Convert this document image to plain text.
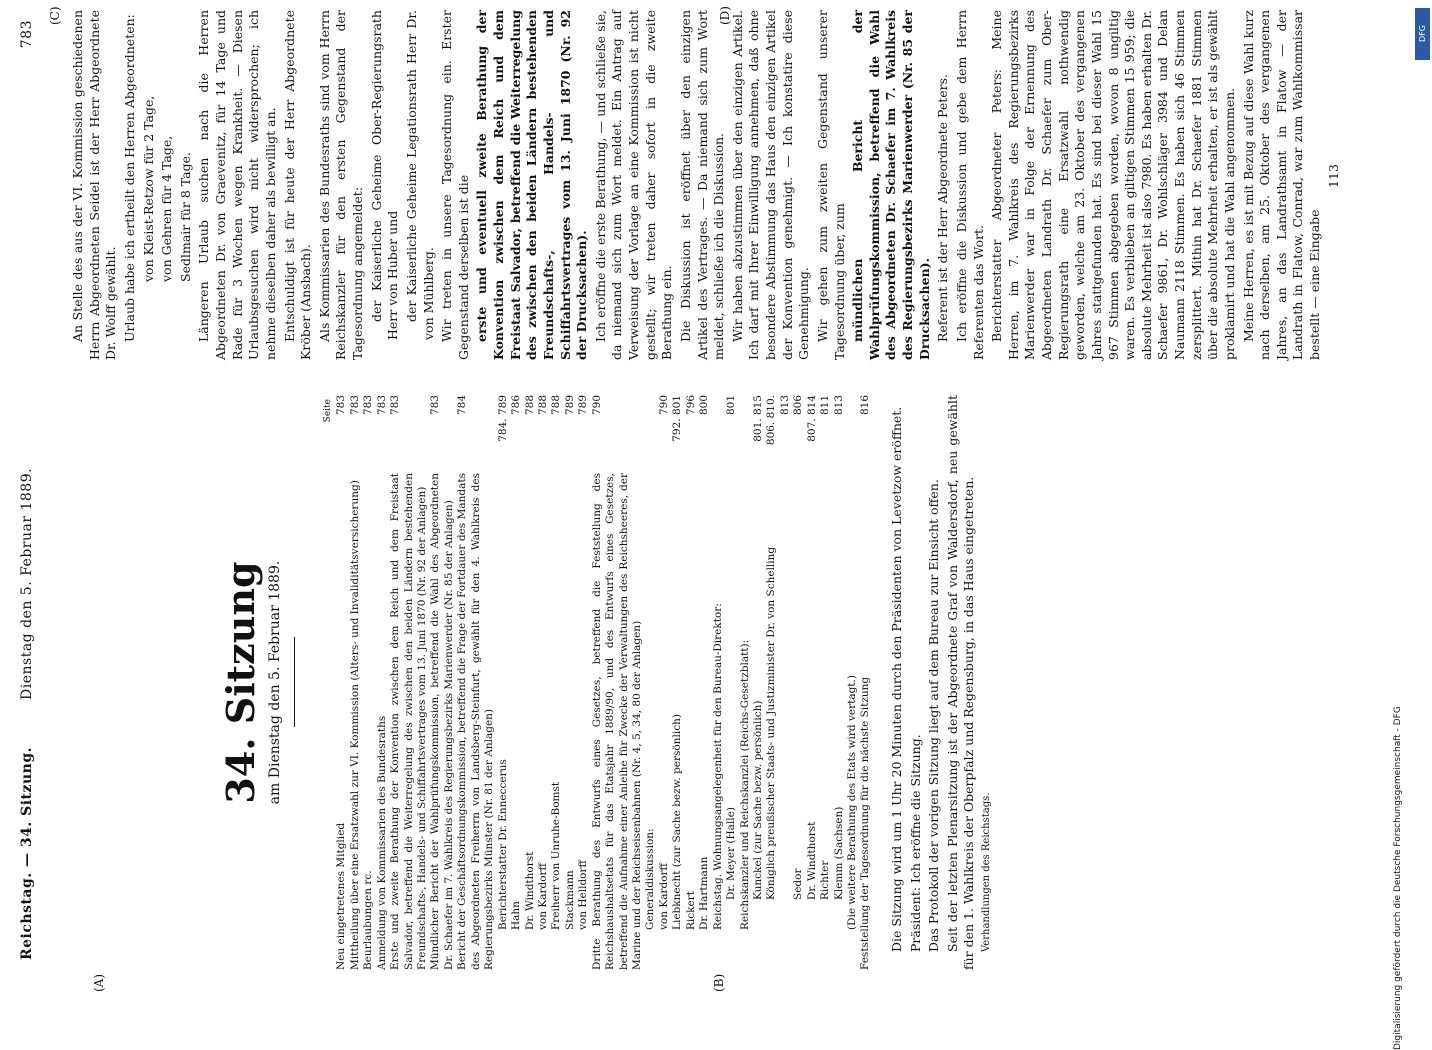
Reichstag. — 34. Sitzung.
Dienstag den 5. Februar 1889.
783
(A)	(B)
(C)	(D)
34. Sitzung am Dienstag den 5. Februar 1889.
Seite
Neu eingetretenes Mitglied
783
Mittheilung über eine Ersatzwahl zur VI. Kommission (Alters- und Invaliditätsversicherung)
783
Beurlaubungen rc.
783
Anmeldung von Kommissarien des Bundesraths
783
Erste und zweite Berathung der Konvention zwischen dem Reich und dem Freistaat Salvador, betreffend die Weiterregelung des zwischen den beiden Ländern bestehenden Freundschafts-, Handels- und Schiffahrtsvertrages vom 13. Juni 1870 (Nr. 92 der Anlagen)
783
Mündlicher Bericht der Wahlprüfungskommission, betreffend die Wahl des Abgeordneten Dr. Schaefer im 7. Wahlkreis des Regierungsbezirks Marienwerder (Nr. 85 der Anlagen)
783
Bericht der Geschäftsordnungskommission, betreffend die Frage der Fortdauer des Mandats des Abgeordneten Freiherrn von Landsberg-Steinfurt, gewählt für den 4. Wahlkreis des Regierungsbezirks Münster (Nr. 81 der Anlagen)
784
Berichterstatter Dr. Enneccerus
784. 789
Hahn
786
Dr. Windthorst
788
von Kardorff
788
Freiherr von Unruhe-Bomst
788
Stackmann
789
von Helldorff
789
Dritte Berathung des Entwurfs eines Gesetzes, betreffend die Feststellung des Reichshaushaltsetats für das Etatsjahr 1889/90, und des Entwurfs eines Gesetzes, betreffend die Aufnahme einer Anleihe für Zwecke der Verwaltungen des Reichsheeres, der Marine und der Reichseisenbahnen (Nr. 4, 5, 34, 80 der Anlagen)
790
Generaldiskussion: von Kardorff
790
Liebknecht (zur Sache bezw. persönlich)
792. 801
Rickert
796
Dr. Hartmann
800
Reichstag. Wohnungsangelegenheit für den Bureau-Direktor: Dr. Meyer (Halle)
801
Reichskanzler und Reichskanzlei (Reichs-Gesetzblatt): Kunckel (zur Sache bezw. persönlich)
801. 815
Königlich preußischer Staats- und Justizminister Dr. von Schelling
806. 810. 813
Sedor
806
Dr. Windthorst
807. 814
Richter
811
Klemm (Sachsen)
813
(Die weitere Berathung des Etats wird vertagt.) Feststellung der Tagesordnung für die nächste Sitzung
816

Die Sitzung wird um 1 Uhr 20 Minuten durch den Präsidenten von Levetzow eröffnet. Präsident: Ich eröffne die Sitzung. Das Protokoll der vorigen Sitzung liegt auf dem Bureau zur Einsicht offen. Seit der letzten Plenarsitzung ist der Abgeordnete Graf von Waldersdorf, neu gewählt für den 1. Wahlkreis der Oberpfalz und Regensburg, in das Haus eingetreten. Verhandlungen des Reichstags.

An Stelle des aus der VI. Kommission geschiedenen Herrn Abgeordneten Seidel ist der Herr Abgeordnete Dr. Wolff gewählt. Urlaub habe ich ertheilt den Herren Abgeordneten: von Kleist-Retzow für 2 Tage, von Gehren für 4 Tage, Sedlmair für 8 Tage. Längeren Urlaub suchen nach die Herren Abgeordneten Dr. von Graevenitz, für 14 Tage und Rade für 3 Wochen wegen Krankheit. — Diesen Urlaubsgesuchen wird nicht widersprochen; ich nehme dieselben daher als bewilligt an. Entschuldigt ist für heute der Herr Abgeordnete Kröber (Ansbach). Als Kommissarien des Bundesraths sind vom Herrn Reichskanzler für den ersten Gegenstand der Tagesordnung angemeldet: der Kaiserliche Geheime Ober-Regierungsrath Herr von Huber und der Kaiserliche Geheime Legationsrath Herr Dr. von Mühlberg. Wir treten in unsere Tagesordnung ein. Erster Gegenstand derselben ist die erste und eventuell zweite Berathung der Konvention zwischen dem Reich und dem Freistaat Salvador, betreffend die Weiterregelung des zwischen den beiden Ländern bestehenden Freundschafts-, Handels- und Schiffahrtsvertrages vom 13. Juni 1870 (Nr. 92 der Drucksachen). Ich eröffne die erste Berathung, — und schließe sie, da niemand sich zum Wort meldet. Ein Antrag auf Verweisung der Vorlage an eine Kommission ist nicht gestellt; wir treten daher sofort in die zweite Berathung ein. Die Diskussion ist eröffnet über den einzigen Artikel des Vertrages. — Da niemand sich zum Wort meldet, schließe ich die Diskussion. Wir haben abzustimmen über den einzigen Artikel. Ich darf mit Ihrer Einwilligung annehmen, daß ohne besondere Abstimmung das Haus den einzigen Artikel der Konvention genehmigt. — Ich konstatire diese Genehmigung. Wir gehen zum zweiten Gegenstand unserer Tagesordnung über, zum mündlichen Bericht der Wahlprüfungskommission, betreffend die Wahl des Abgeordneten Dr. Schaefer im 7. Wahlkreis des Regierungsbezirks Marienwerder (Nr. 85 der Drucksachen). Referent ist der Herr Abgeordnete Peters. Ich eröffne die Diskussion und gebe dem Herrn Referenten das Wort. Berichterstatter Abgeordneter Peters: Meine Herren, im 7. Wahlkreis des Regierungsbezirks Marienwerder war in Folge der Ernennung des Abgeordneten Landrath Dr. Schaefer zum Ober-Regierungsrath eine Ersatzwahl nothwendig geworden, welche am 23. Oktober des vergangenen Jahres stattgefunden hat. Es sind bei dieser Wahl 15 967 Stimmen abgegeben worden, wovon 8 ungiltig waren. Es verblieben an giltigen Stimmen 15 959; die absolute Mehrheit ist also 7980. Es haben erhalten Dr. Schaefer 9861, Dr. Wohlschläger 3984 und Delan Naumann 2118 Stimmen. Es haben sich 46 Stimmen zersplittert. Mithin hat Dr. Schaefer 1881 Stimmen über die absolute Mehrheit erhalten, er ist als gewählt proklamirt und hat die Wahl angenommen. Meine Herren, es ist mit Bezug auf diese Wahl kurz nach derselben, am 25. Oktober des vergangenen Jahres, an das Landrathsamt in Flatow — der Landrath in Flatow, Conrad, war zum Wahlkommissar bestellt — eine Eingabe

113

DFG
Digitalisierung gefördert durch die Deutsche Forschungsgemeinschaft - DFG
